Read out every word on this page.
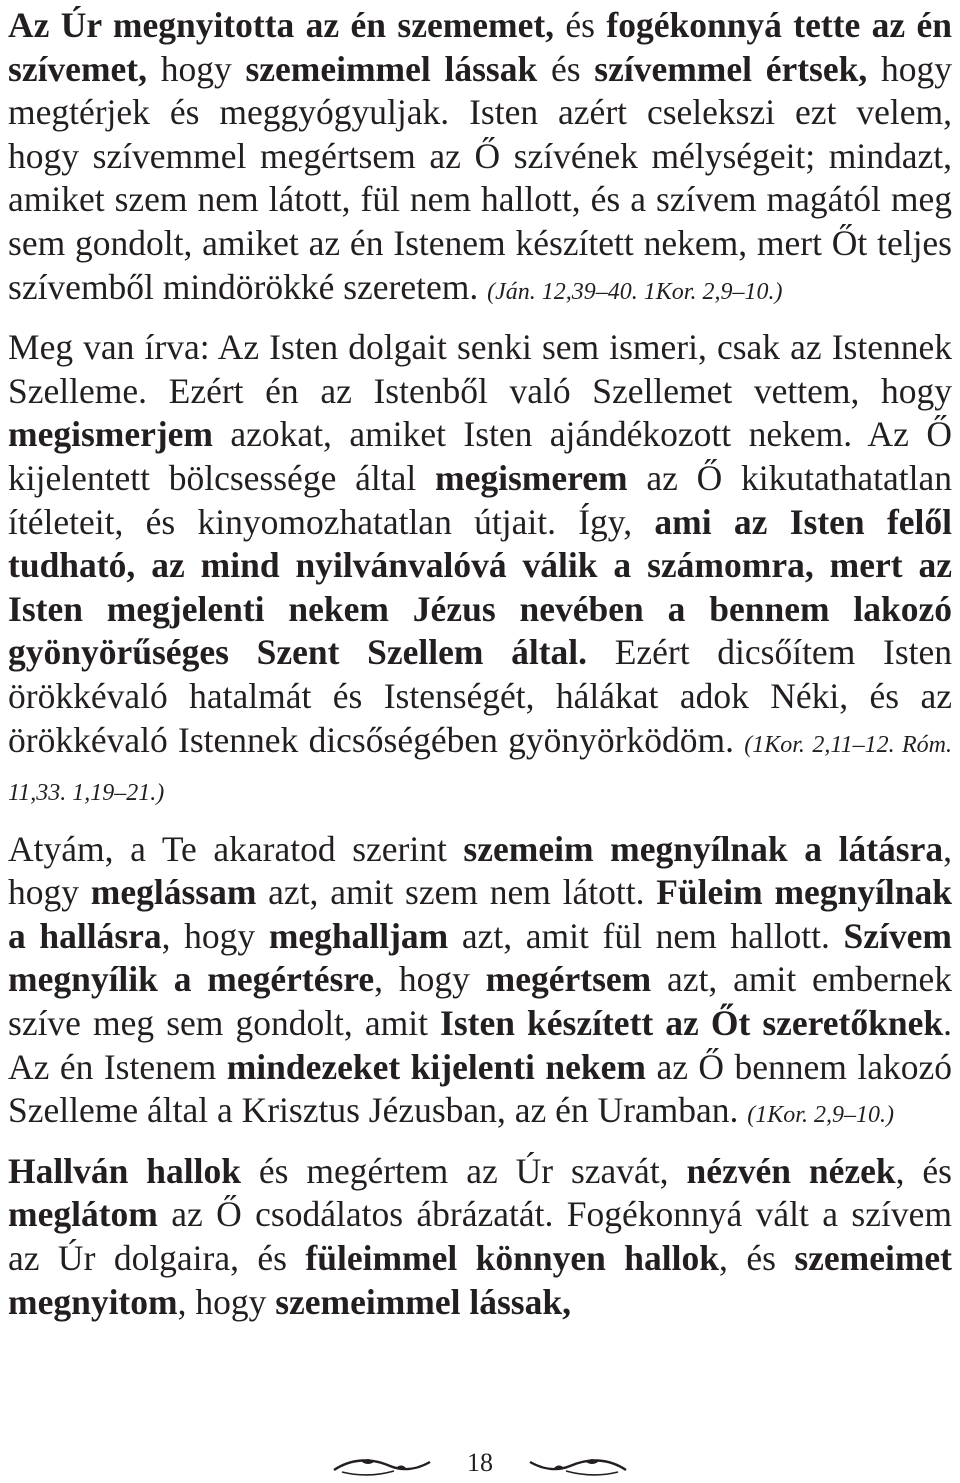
Az Úr megnyitotta az én szememet, és fogékonnyá tette az én szívemet, hogy szemeimmel lássak és szívemmel értsek, hogy megtérjek és meggyógyuljak. Isten azért cselekszi ezt velem, hogy szívemmel megértsem az Ő szívének mélységeit; mindazt, amiket szem nem látott, fül nem hallott, és a szívem magától meg sem gondolt, amiket az én Istenem készített nekem, mert Őt teljes szívemből mindörökké szeretem. (Ján. 12,39–40. 1Kor. 2,9–10.)

Meg van írva: Az Isten dolgait senki sem ismeri, csak az Istennek Szelleme. Ezért én az Istenből való Szellemet vettem, hogy megismerjem azokat, amiket Isten ajándékozott nekem. Az Ő kijelentett bölcsessége által megismerem az Ő kikutathatatlan ítéleteit, és kinyomozhatatlan útjait. Így, ami az Isten felől tudható, az mind nyilvánvalóvá válik a számomra, mert az Isten megjelenti nekem Jézus nevében a bennem lakozó gyönyörűséges Szent Szellem által. Ezért dicsőítem Isten örökkévaló hatalmát és Istenségét, hálákat adok Néki, és az örökkévaló Istennek dicsőségében gyönyörködöm. (1Kor. 2,11–12. Róm. 11,33. 1,19–21.)

Atyám, a Te akaratod szerint szemeim megnyílnak a látásra, hogy meglássam azt, amit szem nem látott. Füleim megnyílnak a hallásra, hogy meghalljam azt, amit fül nem hallott. Szívem megnyílik a megértésre, hogy megértsem azt, amit embernek szíve meg sem gondolt, amit Isten készített az Őt szeretőknek. Az én Istenem mindezeket kijelenti nekem az Ő bennem lakozó Szelleme által a Krisztus Jézusban, az én Uramban. (1Kor. 2,9–10.)

Hallván hallok és megértem az Úr szavát, nézvén nézek, és meglátom az Ő csodálatos ábrázatát. Fogékonnyá vált a szívem az Úr dolgaira, és füleimmel könnyen hallok, és szemeimet megnyitom, hogy szemeimmel lássak,

18
